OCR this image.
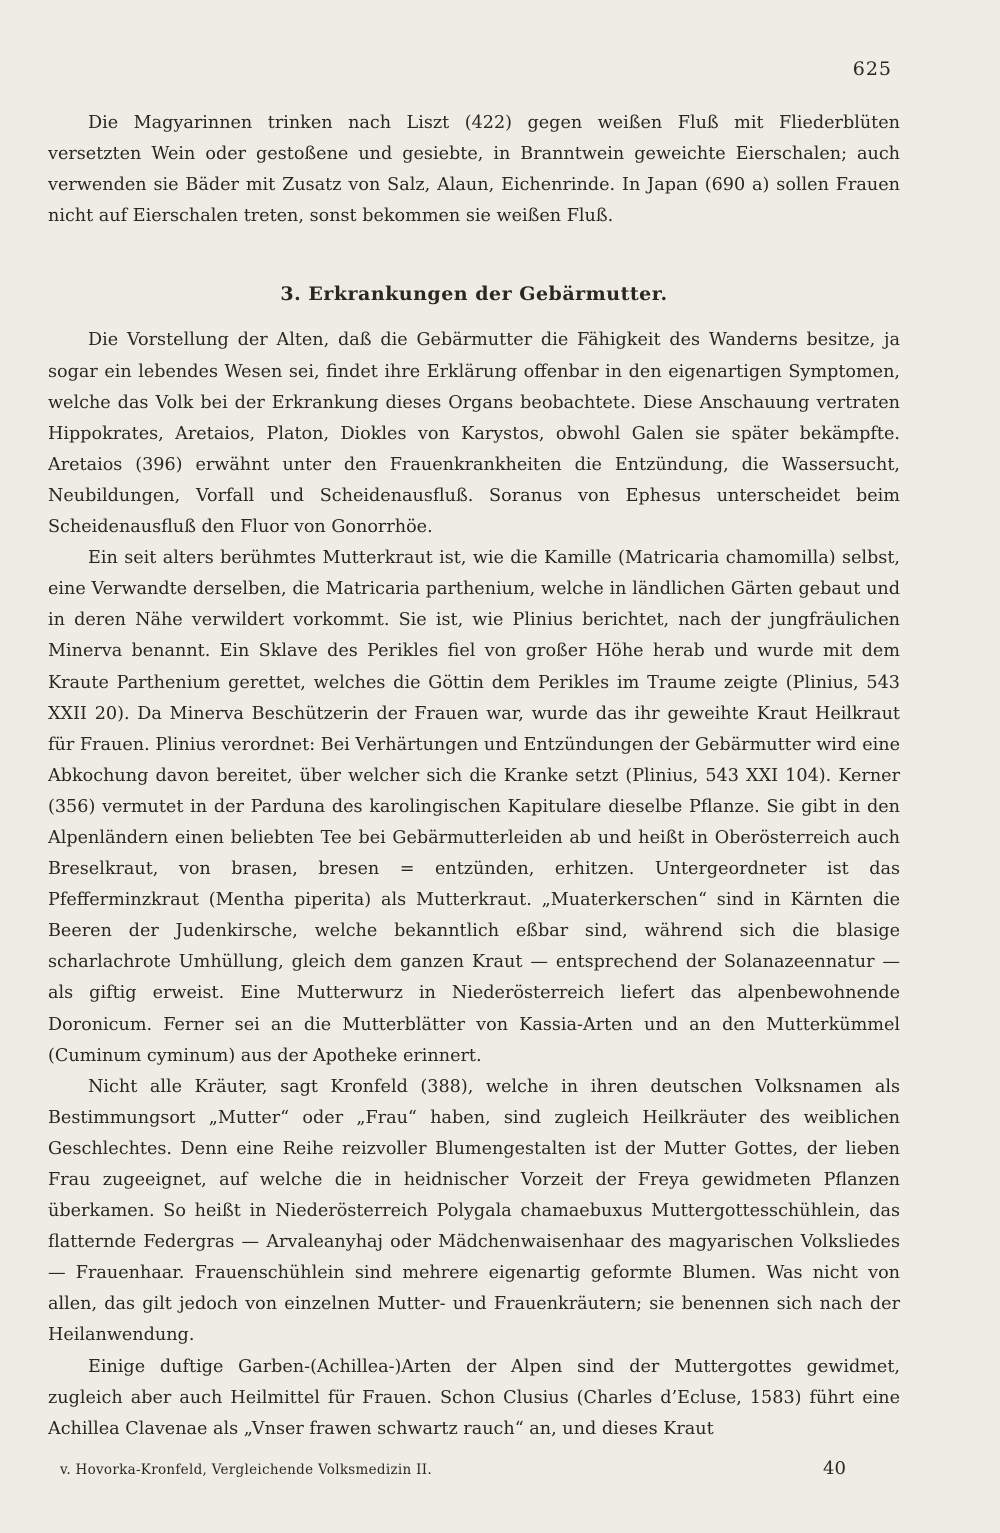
625

Die Magyarinnen trinken nach Liszt (422) gegen weißen Fluß mit Fliederblüten versetzten Wein oder gestoßene und gesiebte, in Branntwein geweichte Eierschalen; auch verwenden sie Bäder mit Zusatz von Salz, Alaun, Eichenrinde. In Japan (690 a) sollen Frauen nicht auf Eierschalen treten, sonst bekommen sie weißen Fluß.

3. Erkrankungen der Gebärmutter.

Die Vorstellung der Alten, daß die Gebärmutter die Fähigkeit des Wanderns besitze, ja sogar ein lebendes Wesen sei, findet ihre Erklärung offenbar in den eigenartigen Symptomen, welche das Volk bei der Erkrankung dieses Organs beobachtete. Diese Anschauung vertraten Hippokrates, Aretaios, Platon, Diokles von Karystos, obwohl Galen sie später bekämpfte. Aretaios (396) erwähnt unter den Frauenkrankheiten die Entzündung, die Wassersucht, Neubildungen, Vorfall und Scheidenausfluß. Soranus von Ephesus unterscheidet beim Scheidenausfluß den Fluor von Gonorrhöe.

Ein seit alters berühmtes Mutterkraut ist, wie die Kamille (Matricaria chamomilla) selbst, eine Verwandte derselben, die Matricaria parthenium, welche in ländlichen Gärten gebaut und in deren Nähe verwildert vorkommt. Sie ist, wie Plinius berichtet, nach der jungfräulichen Minerva benannt. Ein Sklave des Perikles fiel von großer Höhe herab und wurde mit dem Kraute Parthenium gerettet, welches die Göttin dem Perikles im Traume zeigte (Plinius, 543 XXII 20). Da Minerva Beschützerin der Frauen war, wurde das ihr geweihte Kraut Heilkraut für Frauen. Plinius verordnet: Bei Verhärtungen und Entzündungen der Gebärmutter wird eine Abkochung davon bereitet, über welcher sich die Kranke setzt (Plinius, 543 XXI 104). Kerner (356) vermutet in der Parduna des karolingischen Kapitulare dieselbe Pflanze. Sie gibt in den Alpenländern einen beliebten Tee bei Gebärmutterleiden ab und heißt in Oberösterreich auch Breselkraut, von brasen, bresen = entzünden, erhitzen. Untergeordneter ist das Pfefferminzkraut (Mentha piperita) als Mutterkraut. „Muaterkerschen“ sind in Kärnten die Beeren der Judenkirsche, welche bekanntlich eßbar sind, während sich die blasige scharlachrote Umhüllung, gleich dem ganzen Kraut — entsprechend der Solanazeennatur — als giftig erweist. Eine Mutterwurz in Niederösterreich liefert das alpenbewohnende Doronicum. Ferner sei an die Mutterblätter von Kassia-Arten und an den Mutterkümmel (Cuminum cyminum) aus der Apotheke erinnert.

Nicht alle Kräuter, sagt Kronfeld (388), welche in ihren deutschen Volksnamen als Bestimmungsort „Mutter“ oder „Frau“ haben, sind zugleich Heilkräuter des weiblichen Geschlechtes. Denn eine Reihe reizvoller Blumengestalten ist der Mutter Gottes, der lieben Frau zugeeignet, auf welche die in heidnischer Vorzeit der Freya gewidmeten Pflanzen überkamen. So heißt in Niederösterreich Polygala chamaebuxus Muttergottesschühlein, das flatternde Federgras — Arvaleanyhaj oder Mädchenwaisenhaar des magyarischen Volksliedes — Frauenhaar. Frauenschühlein sind mehrere eigenartig geformte Blumen. Was nicht von allen, das gilt jedoch von einzelnen Mutter- und Frauenkräutern; sie benennen sich nach der Heilanwendung.

Einige duftige Garben-(Achillea-)Arten der Alpen sind der Muttergottes gewidmet, zugleich aber auch Heilmittel für Frauen. Schon Clusius (Charles d’Ecluse, 1583) führt eine Achillea Clavenae als „Vnser frawen schwartz rauch“ an, und dieses Kraut

v. Hovorka-Kronfeld, Vergleichende Volksmedizin II.	40
